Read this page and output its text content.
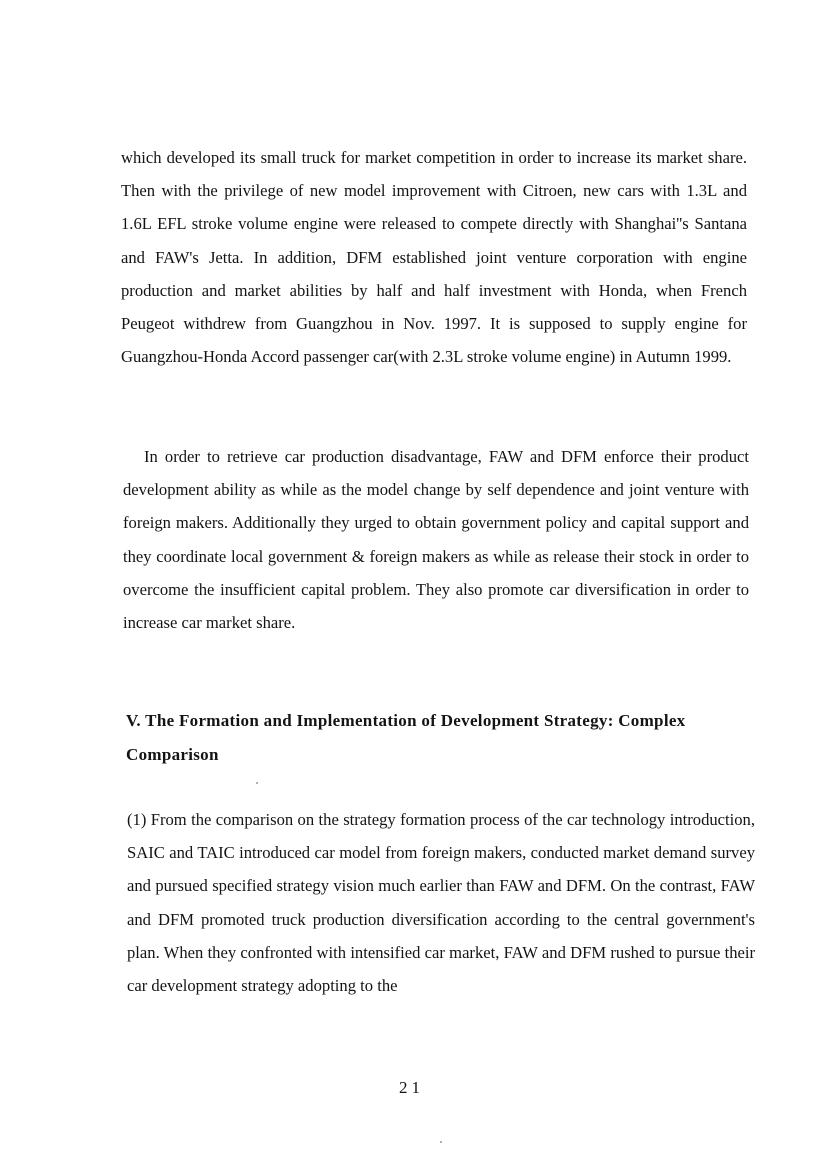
which developed its small truck for market competition in order to increase its market share. Then with the privilege of new model improvement with Citroen, new cars with 1.3L and 1.6L EFL stroke volume engine were released to compete directly with Shanghai''s Santana and FAW's Jetta. In addition, DFM established joint venture corporation with engine production and market abilities by half and half investment with Honda, when French Peugeot withdrew from Guangzhou in Nov. 1997. It is supposed to supply engine for Guangzhou-Honda Accord passenger car(with 2.3L stroke volume engine) in Autumn 1999.
In order to retrieve car production disadvantage, FAW and DFM enforce their product development ability as while as the model change by self dependence and joint venture with foreign makers. Additionally they urged to obtain government policy and capital support and they coordinate local government & foreign makers as while as release their stock in order to overcome the insufficient capital problem. They also promote car diversification in order to increase car market share.
V. The Formation and Implementation of Development Strategy: Complex Comparison
(1) From the comparison on the strategy formation process of the car technology introduction, SAIC and TAIC introduced car model from foreign makers, conducted market demand survey and pursued specified strategy vision much earlier than FAW and DFM. On the contrast, FAW and DFM promoted truck production diversification according to the central government's plan. When they confronted with intensified car market, FAW and DFM rushed to pursue their car development strategy adopting to the
21
